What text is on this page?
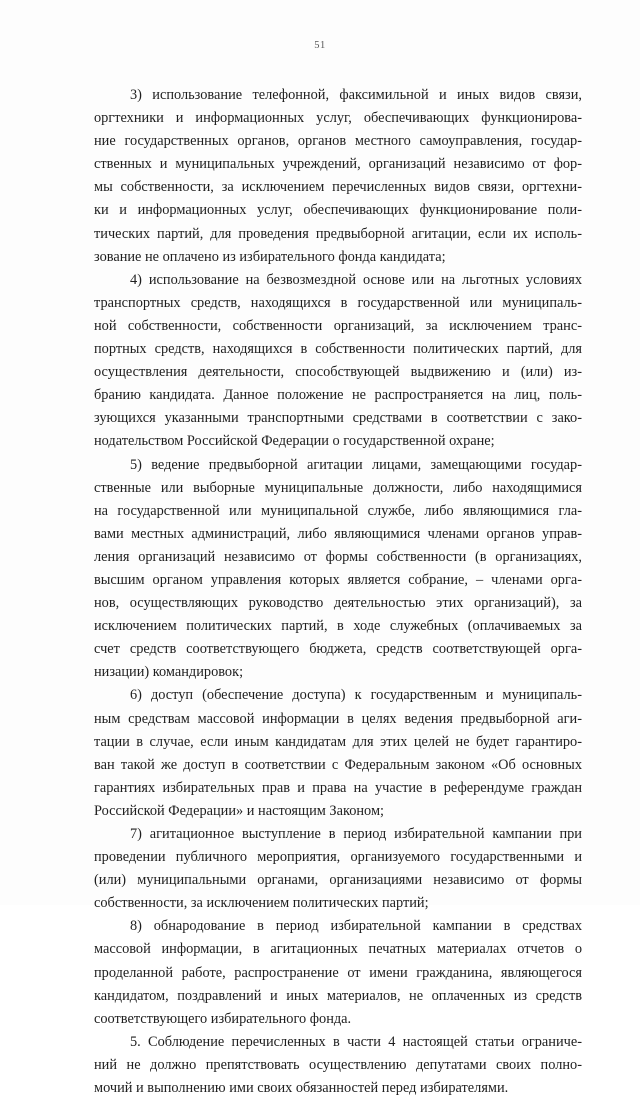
51

3) использование телефонной, факсимильной и иных видов связи,
оргтехники и информационных услуг, обеспечивающих функционирова-
ние государственных органов, органов местного самоуправления, государ-
ственных и муниципальных учреждений, организаций независимо от фор-
мы собственности, за исключением перечисленных видов связи, оргтехни-
ки и информационных услуг, обеспечивающих функционирование поли-
тических партий, для проведения предвыборной агитации, если их исполь-
зование не оплачено из избирательного фонда кандидата;

4) использование на безвозмездной основе или на льготных условиях
транспортных средств, находящихся в государственной или муниципаль-
ной собственности, собственности организаций, за исключением транс-
портных средств, находящихся в собственности политических партий, для
осуществления деятельности, способствующей выдвижению и (или) из-
бранию кандидата. Данное положение не распространяется на лиц, поль-
зующихся указанными транспортными средствами в соответствии с зако-
нодательством Российской Федерации о государственной охране;

5) ведение предвыборной агитации лицами, замещающими государ-
ственные или выборные муниципальные должности, либо находящимися
на государственной или муниципальной службе, либо являющимися гла-
вами местных администраций, либо являющимися членами органов управ-
ления организаций независимо от формы собственности (в организациях,
высшим органом управления которых является собрание, – членами орга-
нов, осуществляющих руководство деятельностью этих организаций), за
исключением политических партий, в ходе служебных (оплачиваемых за
счет средств соответствующего бюджета, средств соответствующей орга-
низации) командировок;

6) доступ (обеспечение доступа) к государственным и муниципаль-
ным средствам массовой информации в целях ведения предвыборной аги-
тации в случае, если иным кандидатам для этих целей не будет гарантиро-
ван такой же доступ в соответствии с Федеральным законом «Об основных
гарантиях избирательных прав и права на участие в референдуме граждан
Российской Федерации» и настоящим Законом;

7) агитационное выступление в период избирательной кампании при
проведении публичного мероприятия, организуемого государственными и
(или) муниципальными органами, организациями независимо от формы
собственности, за исключением политических партий;

8) обнародование в период избирательной кампании в средствах
массовой информации, в агитационных печатных материалах отчетов о
проделанной работе, распространение от имени гражданина, являющегося
кандидатом, поздравлений и иных материалов, не оплаченных из средств
соответствующего избирательного фонда.

5. Соблюдение перечисленных в части 4 настоящей статьи ограниче-
ний не должно препятствовать осуществлению депутатами своих полно-
мочий и выполнению ими своих обязанностей перед избирателями.
